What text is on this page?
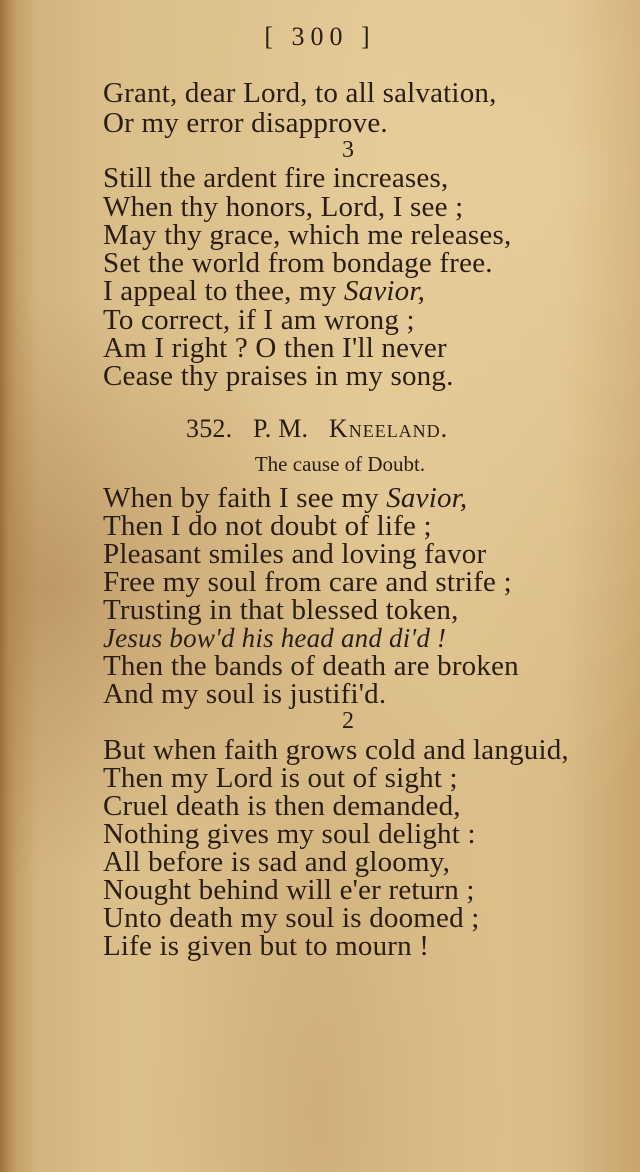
[ 300 ]
Grant, dear Lord, to all salvation,
Or my error disapprove.
3
Still the ardent fire increases,
When thy honors, Lord, I see ;
May thy grace, which me releases,
Set the world from bondage free.
I appeal to thee, my Savior,
To correct, if I am wrong ;
Am I right ? O then I'll never
Cease thy praises in my song.
352. P. M. Kneeland.
The cause of Doubt.
When by faith I see my Savior,
Then I do not doubt of life ;
Pleasant smiles and loving favor
Free my soul from care and strife ;
Trusting in that blessed token,
Jesus bow'd his head and di'd !
Then the bands of death are broken
And my soul is justifi'd.
2
But when faith grows cold and languid,
Then my Lord is out of sight ;
Cruel death is then demanded,
Nothing gives my soul delight :
All before is sad and gloomy,
Nought behind will e'er return ;
Unto death my soul is doomed ;
Life is given but to mourn !
